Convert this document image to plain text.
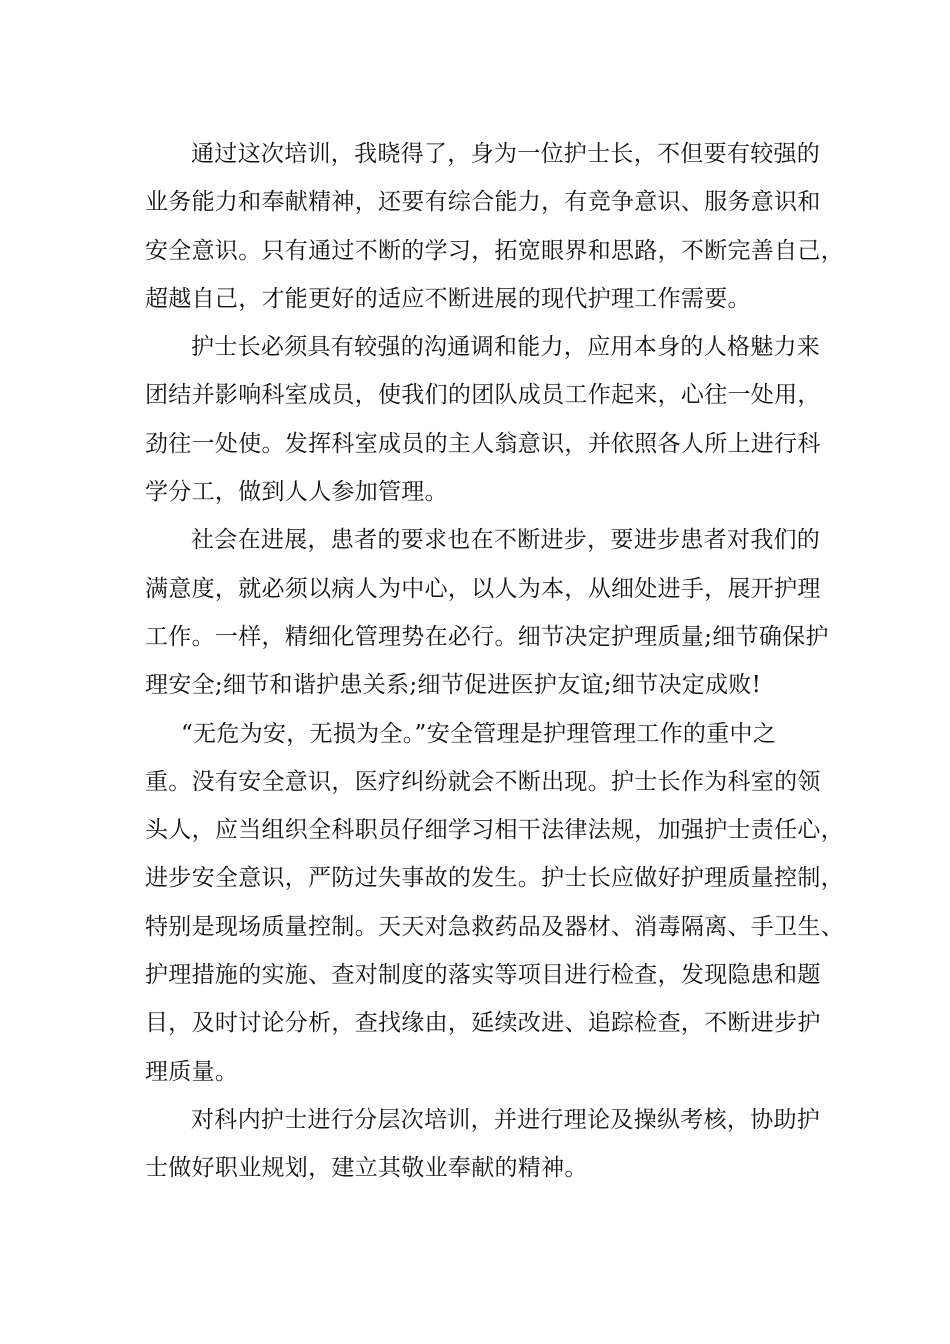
通过这次培训，我晓得了，身为一位护士长，不但要有较强的
业务能力和奉献精神，还要有综合能力，有竞争意识、服务意识和
安全意识。只有通过不断的学习，拓宽眼界和思路，不断完善自己，
超越自己，才能更好的适应不断进展的现代护理工作需要。
护士长必须具有较强的沟通调和能力，应用本身的人格魅力来
团结并影响科室成员，使我们的团队成员工作起来，心往一处用，
劲往一处使。发挥科室成员的主人翁意识，并依照各人所上进行科
学分工，做到人人参加管理。
社会在进展，患者的要求也在不断进步，要进步患者对我们的
满意度，就必须以病人为中心，以人为本，从细处进手，展开护理
工作。一样，精细化管理势在必行。细节决定护理质量;细节确保护
理安全;细节和谐护患关系;细节促进医护友谊;细节决定成败!
“无危为安，无损为全。”安全管理是护理管理工作的重中之
重。没有安全意识，医疗纠纷就会不断出现。护士长作为科室的领
头人，应当组织全科职员仔细学习相干法律法规，加强护士责任心，
进步安全意识，严防过失事故的发生。护士长应做好护理质量控制，
特别是现场质量控制。天天对急救药品及器材、消毒隔离、手卫生、
护理措施的实施、查对制度的落实等项目进行检查，发现隐患和题
目，及时讨论分析，查找缘由，延续改进、追踪检查，不断进步护
理质量。
对科内护士进行分层次培训，并进行理论及操纵考核，协助护
士做好职业规划，建立其敬业奉献的精神。
